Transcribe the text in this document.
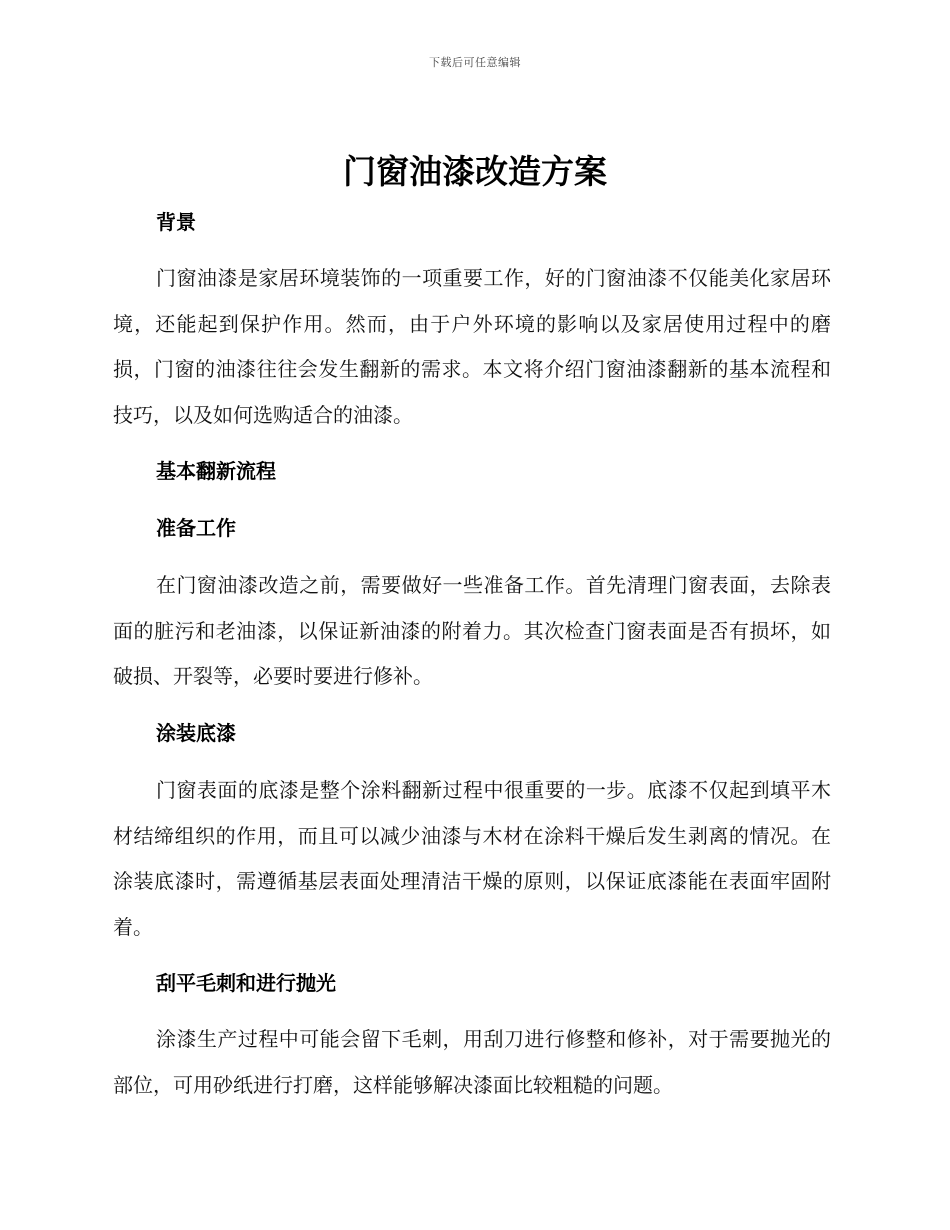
下载后可任意编辑
门窗油漆改造方案
背景

门窗油漆是家居环境装饰的一项重要工作，好的门窗油漆不仅能美化家居环境，还能起到保护作用。然而，由于户外环境的影响以及家居使用过程中的磨损，门窗的油漆往往会发生翻新的需求。本文将介绍门窗油漆翻新的基本流程和技巧，以及如何选购适合的油漆。

基本翻新流程
准备工作

在门窗油漆改造之前，需要做好一些准备工作。首先清理门窗表面，去除表面的脏污和老油漆，以保证新油漆的附着力。其次检查门窗表面是否有损坏，如破损、开裂等，必要时要进行修补。

涂装底漆

门窗表面的底漆是整个涂料翻新过程中很重要的一步。底漆不仅起到填平木材结缔组织的作用，而且可以减少油漆与木材在涂料干燥后发生剥离的情况。在涂装底漆时，需遵循基层表面处理清洁干燥的原则，以保证底漆能在表面牢固附着。

刮平毛刺和进行抛光

涂漆生产过程中可能会留下毛刺，用刮刀进行修整和修补，对于需要抛光的部位，可用砂纸进行打磨，这样能够解决漆面比较粗糙的问题。
